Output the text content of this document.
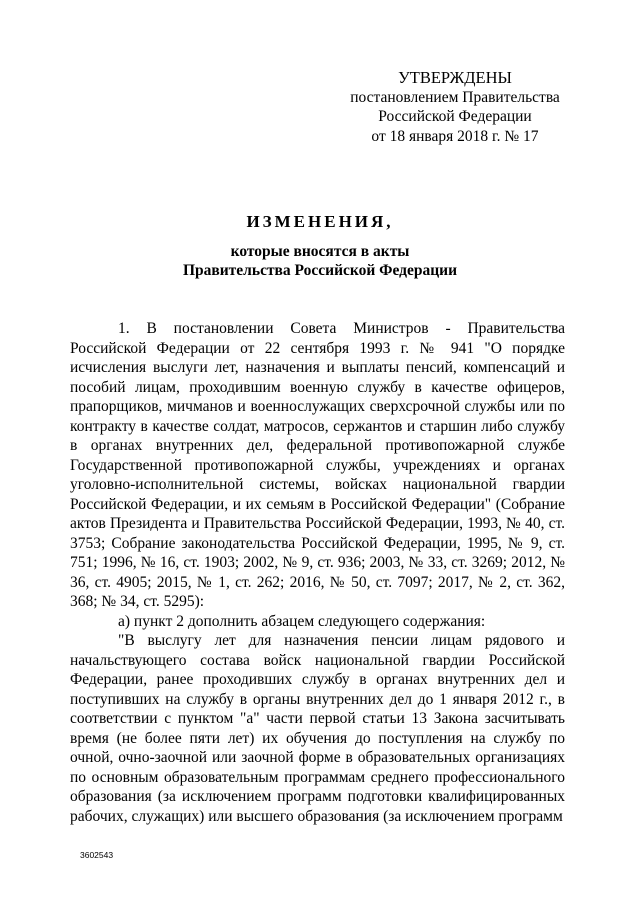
УТВЕРЖДЕНЫ
постановлением Правительства
Российской Федерации
от 18 января 2018 г. № 17
ИЗМЕНЕНИЯ,
которые вносятся в акты
Правительства Российской Федерации

1. В постановлении Совета Министров - Правительства Российской Федерации от 22 сентября 1993 г. № 941 "О порядке исчисления выслуги лет, назначения и выплаты пенсий, компенсаций и пособий лицам, проходившим военную службу в качестве офицеров, прапорщиков, мичманов и военнослужащих сверхсрочной службы или по контракту в качестве солдат, матросов, сержантов и старшин либо службу в органах внутренних дел, федеральной противопожарной службе Государственной противопожарной службы, учреждениях и органах уголовно-исполнительной системы, войсках национальной гвардии Российской Федерации, и их семьям в Российской Федерации" (Собрание актов Президента и Правительства Российской Федерации, 1993, № 40, ст. 3753; Собрание законодательства Российской Федерации, 1995, № 9, ст. 751; 1996, № 16, ст. 1903; 2002, № 9, ст. 936; 2003, № 33, ст. 3269; 2012, № 36, ст. 4905; 2015, № 1, ст. 262; 2016, № 50, ст. 7097; 2017, № 2, ст. 362, 368; № 34, ст. 5295):

а) пункт 2 дополнить абзацем следующего содержания:

"В выслугу лет для назначения пенсии лицам рядового и начальствующего состава войск национальной гвардии Российской Федерации, ранее проходивших службу в органах внутренних дел и поступивших на службу в органы внутренних дел до 1 января 2012 г., в соответствии с пунктом "а" части первой статьи 13 Закона засчитывать время (не более пяти лет) их обучения до поступления на службу по очной, очно-заочной или заочной форме в образовательных организациях по основным образовательным программам среднего профессионального образования (за исключением программ подготовки квалифицированных рабочих, служащих) или высшего образования (за исключением программ

3602543
